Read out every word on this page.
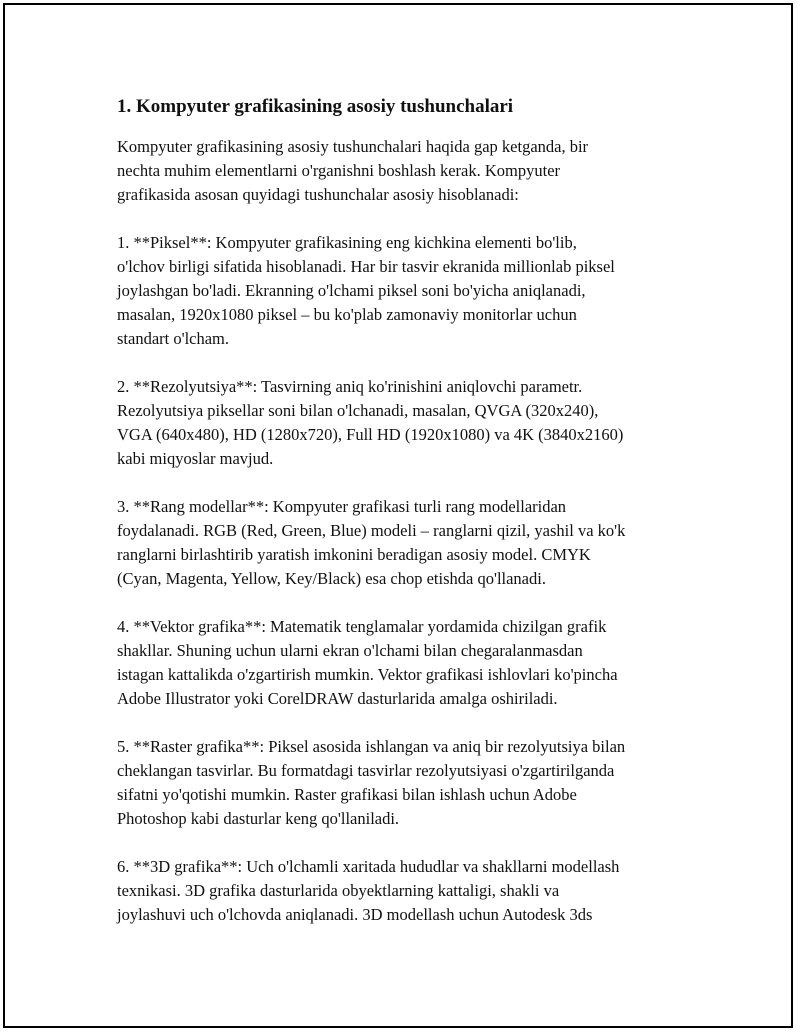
1. Kompyuter grafikasining asosiy tushunchalari

Kompyuter grafikasining asosiy tushunchalari haqida gap ketganda, bir
nechta muhim elementlarni o'rganishni boshlash kerak. Kompyuter
grafikasida asosan quyidagi tushunchalar asosiy hisoblanadi:

1. **Piksel**: Kompyuter grafikasining eng kichkina elementi bo'lib,
o'lchov birligi sifatida hisoblanadi. Har bir tasvir ekranida millionlab piksel
joylashgan bo'ladi. Ekranning o'lchami piksel soni bo'yicha aniqlanadi,
masalan, 1920x1080 piksel – bu ko'plab zamonaviy monitorlar uchun
standart o'lcham.

2. **Rezolyutsiya**: Tasvirning aniq ko'rinishini aniqlovchi parametr.
Rezolyutsiya piksellar soni bilan o'lchanadi, masalan, QVGA (320x240),
VGA (640x480), HD (1280x720), Full HD (1920x1080) va 4K (3840x2160)
kabi miqyoslar mavjud.

3. **Rang modellar**: Kompyuter grafikasi turli rang modellaridan
foydalanadi. RGB (Red, Green, Blue) modeli – ranglarni qizil, yashil va ko'k
ranglarni birlashtirib yaratish imkonini beradigan asosiy model. CMYK
(Cyan, Magenta, Yellow, Key/Black) esa chop etishda qo'llanadi.

4. **Vektor grafika**: Matematik tenglamalar yordamida chizilgan grafik
shakllar. Shuning uchun ularni ekran o'lchami bilan chegaralanmasdan
istagan kattalikda o'zgartirish mumkin. Vektor grafikasi ishlovlari ko'pincha
Adobe Illustrator yoki CorelDRAW dasturlarida amalga oshiriladi.

5. **Raster grafika**: Piksel asosida ishlangan va aniq bir rezolyutsiya bilan
cheklangan tasvirlar. Bu formatdagi tasvirlar rezolyutsiyasi o'zgartirilganda
sifatni yo'qotishi mumkin. Raster grafikasi bilan ishlash uchun Adobe
Photoshop kabi dasturlar keng qo'llaniladi.

6. **3D grafika**: Uch o'lchamli xaritada hududlar va shakllarni modellash
texnikasi. 3D grafika dasturlarida obyektlarning kattaligi, shakli va
joylashuvi uch o'lchovda aniqlanadi. 3D modellash uchun Autodesk 3ds
